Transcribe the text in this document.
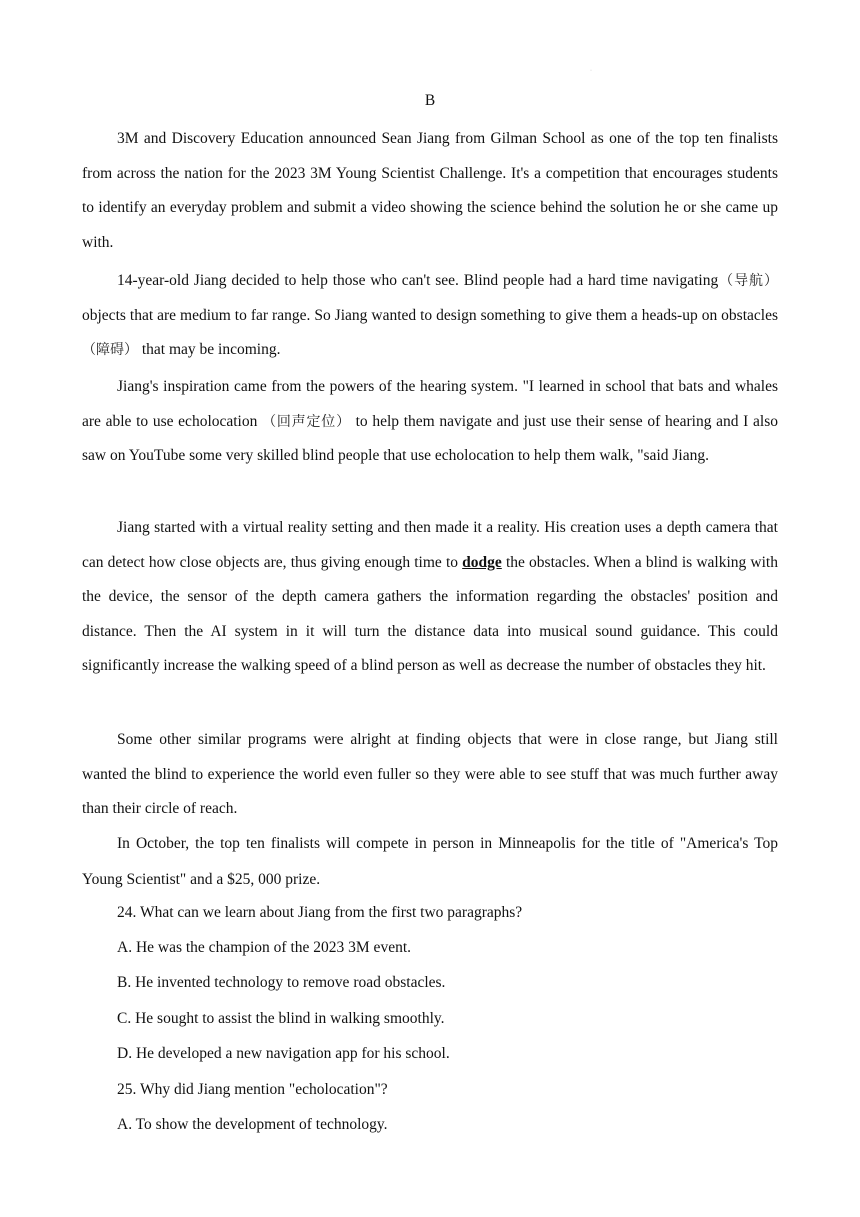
·
B

3M and Discovery Education announced Sean Jiang from Gilman School as one of the top ten finalists from across the nation for the 2023 3M Young Scientist Challenge. It's a competition that encourages students to identify an everyday problem and submit a video showing the science behind the solution he or she came up with.

14-year-old Jiang decided to help those who can't see. Blind people had a hard time navigating（导航） objects that are medium to far range. So Jiang wanted to design something to give them a heads-up on obstacles（障碍） that may be incoming.

Jiang's inspiration came from the powers of the hearing system. "I learned in school that bats and whales are able to use echolocation （回声定位） to help them navigate and just use their sense of hearing and I also saw on YouTube some very skilled blind people that use echolocation to help them walk, "said Jiang.

Jiang started with a virtual reality setting and then made it a reality. His creation uses a depth camera that can detect how close objects are, thus giving enough time to dodge the obstacles. When a blind is walking with the device, the sensor of the depth camera gathers the information regarding the obstacles' position and distance. Then the AI system in it will turn the distance data into musical sound guidance. This could significantly increase the walking speed of a blind person as well as decrease the number of obstacles they hit.

Some other similar programs were alright at finding objects that were in close range, but Jiang still wanted the blind to experience the world even fuller so they were able to see stuff that was much further away than their circle of reach.

In October, the top ten finalists will compete in person in Minneapolis for the title of "America's Top Young Scientist" and a $25, 000 prize.

24. What can we learn about Jiang from the first two paragraphs?
A. He was the champion of the 2023 3M event.
B. He invented technology to remove road obstacles.
C. He sought to assist the blind in walking smoothly.
D. He developed a new navigation app for his school.
25. Why did Jiang mention "echolocation"?
A. To show the development of technology.
